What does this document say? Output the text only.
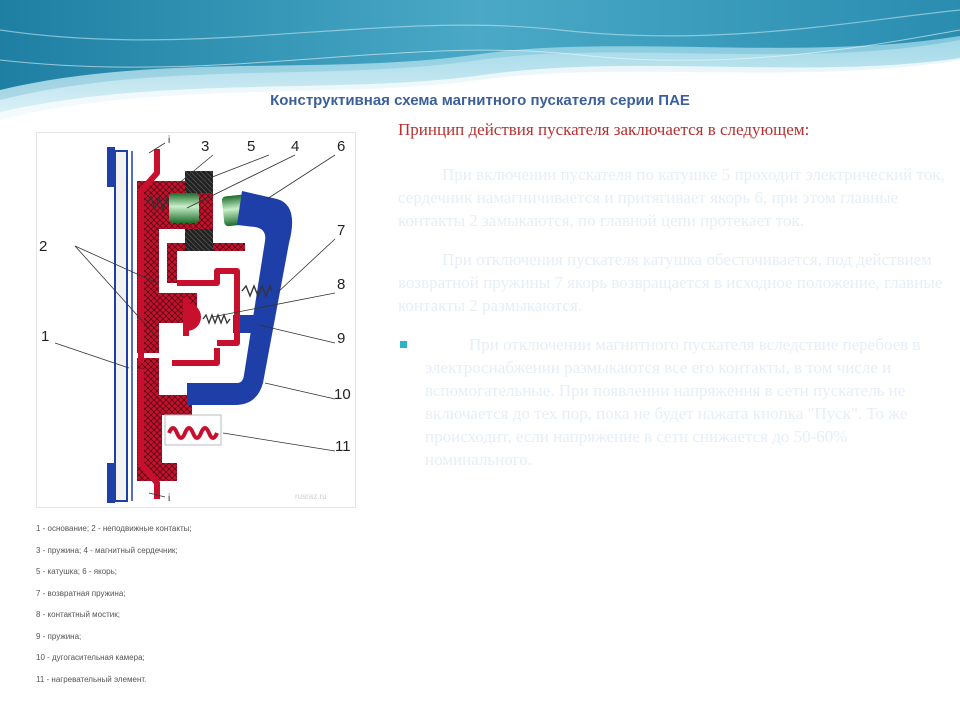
Конструктивная схема магнитного пускателя серии ПАЕ
i
i
3	5 4	6
2
1
7
8
9
10
11
rusraz.ru
1 - основание; 2 - неподвижные контакты;
3 - пружина; 4 - магнитный сердечник;
5 - катушка; 6 - якорь;
7 - возвратная пружина;
8 - контактный мостик;
9 - пружина;
10 - дугогасительная камера;
11 - нагревательный элемент.
Принцип действия пускателя заключается в следующем:

При включении пускателя по катушке 5 проходит электрический ток, сердечник намагничивается и притягивает якорь 6, при этом главные контакты 2 замыкаются, по главной цепи протекает ток.

При отключения пускателя катушка обесточивается, под действием возвратной пружины 7 якорь возвращается в исходное положение, главные контакты 2 размыкаются.

При отключении магнитного пускателя вследствие перебоев в электроснабжении размыкаются все его контакты, в том числе и вспомогательные. При появлении напряжения в сети пускатель не включается до тех пор, пока не будет нажата кнопка "Пуск". То же происходит, если напряжение в сети снижается до 50-60% номинального.
